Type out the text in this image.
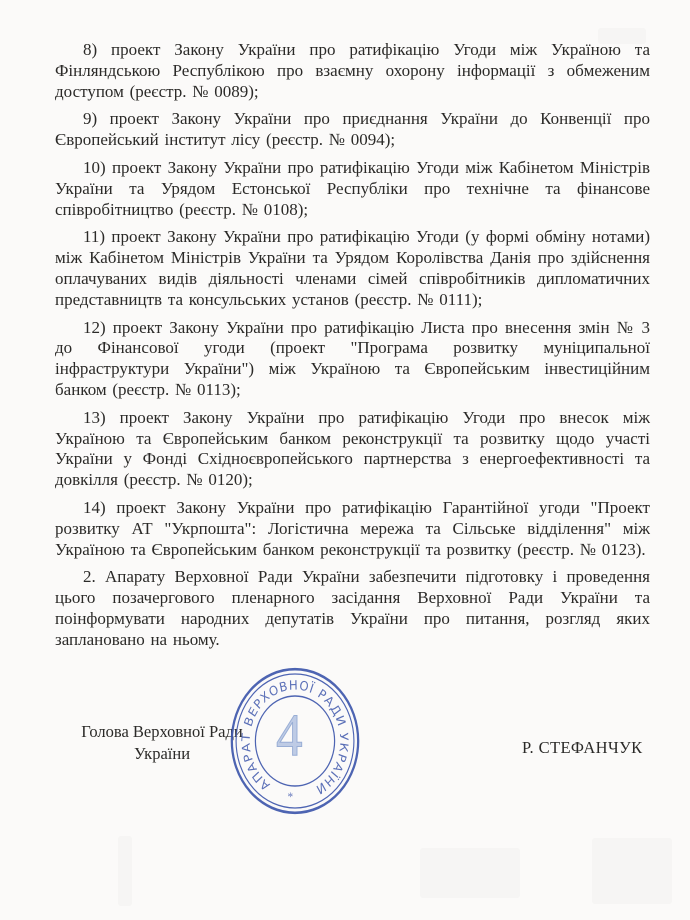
8) проект Закону України про ратифікацію Угоди між Україною та Фінляндською Республікою про взаємну охорону інформації з обмеженим доступом (реєстр. № 0089);

9) проект Закону України про приєднання України до Конвенції про Європейський інститут лісу (реєстр. № 0094);

10) проект Закону України про ратифікацію Угоди між Кабінетом Міністрів України та Урядом Естонської Республіки про технічне та фінансове співробітництво (реєстр. № 0108);

11) проект Закону України про ратифікацію Угоди (у формі обміну нотами) між Кабінетом Міністрів України та Урядом Королівства Данія про здійснення оплачуваних видів діяльності членами сімей співробітників дипломатичних представництв та консульських установ (реєстр. № 0111);

12) проект Закону України про ратифікацію Листа про внесення змін № 3 до Фінансової угоди (проект "Програма розвитку муніципальної інфраструктури України") між Україною та Європейським інвестиційним банком (реєстр. № 0113);

13) проект Закону України про ратифікацію Угоди про внесок між Україною та Європейським банком реконструкції та розвитку щодо участі України у Фонді Східноєвропейського партнерства з енергоефективності та довкілля (реєстр. № 0120);

14) проект Закону України про ратифікацію Гарантійної угоди "Проект розвитку АТ "Укрпошта": Логістична мережа та Сільське відділення" між Україною та Європейським банком реконструкції та розвитку (реєстр. № 0123).

2. Апарату Верховної Ради України забезпечити підготовку і проведення цього позачергового пленарного засідання Верховної Ради України та поінформувати народних депутатів України про питання, розгляд яких заплановано на ньому.

Голова Верховної Ради
України	Р. СТЕФАНЧУК
АПАРАТ ВЕРХОВНОЇ РАДИ УКРАЇНИ
4
*
